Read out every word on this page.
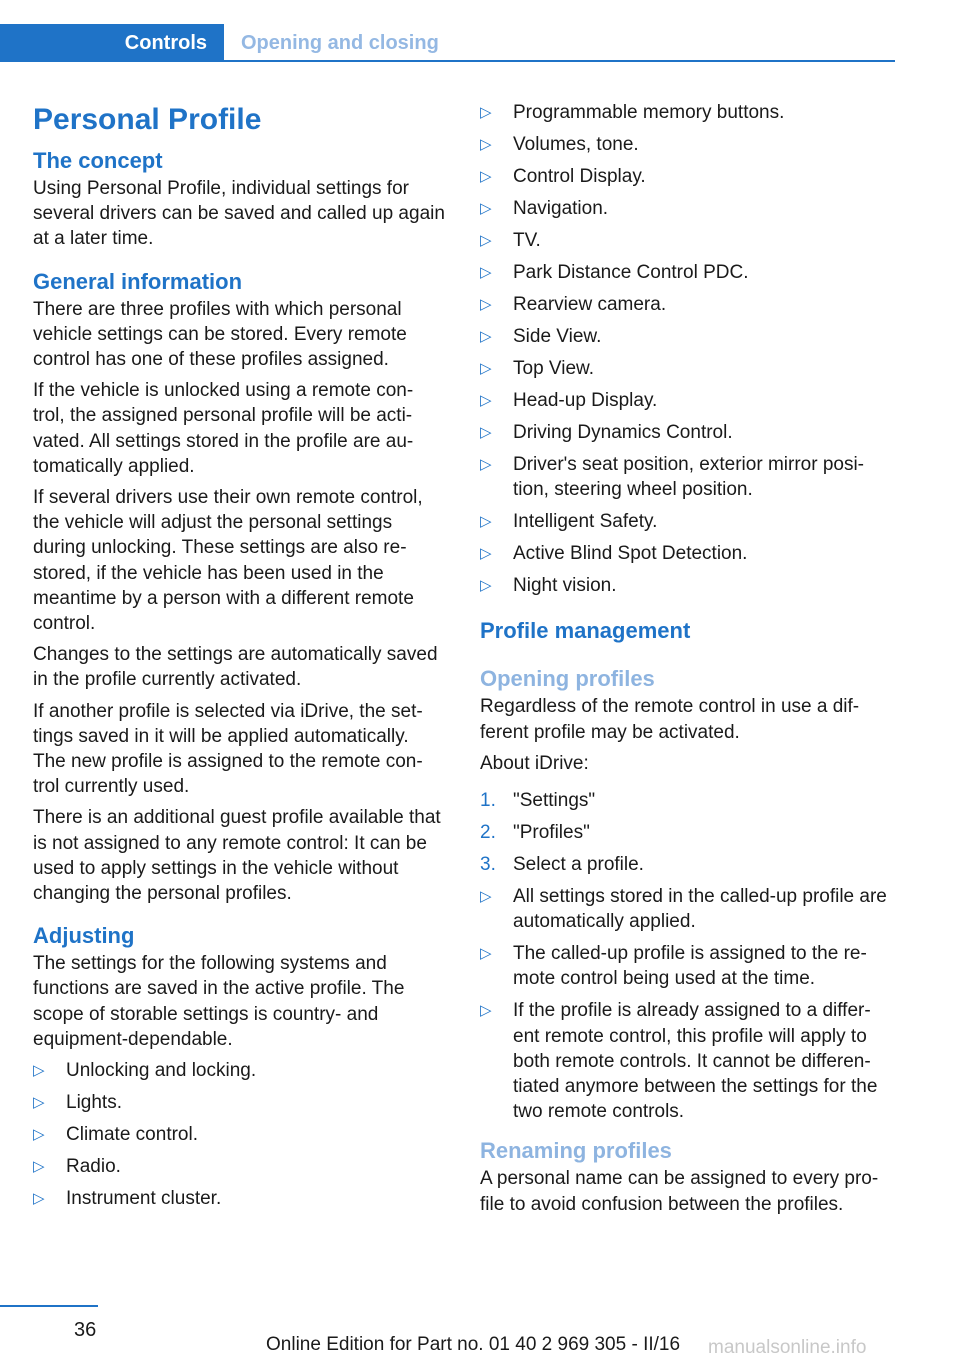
Controls	Opening and closing
Personal Profile
The concept

Using Personal Profile, individual settings for several drivers can be saved and called up again at a later time.

General information

There are three profiles with which personal vehicle settings can be stored. Every remote control has one of these profiles assigned.

If the vehicle is unlocked using a remote con‐ trol, the assigned personal profile will be acti‐ vated. All settings stored in the profile are au‐ tomatically applied.

If several drivers use their own remote control, the vehicle will adjust the personal settings during unlocking. These settings are also re‐ stored, if the vehicle has been used in the meantime by a person with a different remote control.

Changes to the settings are automatically saved in the profile currently activated.

If another profile is selected via iDrive, the set‐ tings saved in it will be applied automatically. The new profile is assigned to the remote con‐ trol currently used.

There is an additional guest profile available that is not assigned to any remote control: It can be used to apply settings in the vehicle without changing the personal profiles.

Adjusting

The settings for the following systems and functions are saved in the active profile. The scope of storable settings is country- and equipment-dependable.

▷ Unlocking and locking.
▷ Lights.
▷ Climate control.
▷ Radio.
▷ Instrument cluster.
▷ Programmable memory buttons.
▷ Volumes, tone.
▷ Control Display.
▷ Navigation.
▷ TV.
▷ Park Distance Control PDC.
▷ Rearview camera.
▷ Side View.
▷ Top View.
▷ Head-up Display.
▷ Driving Dynamics Control.
▷ Driver's seat position, exterior mirror posi‐ tion, steering wheel position.
▷ Intelligent Safety.
▷ Active Blind Spot Detection.
▷ Night vision.
Profile management
Opening profiles

Regardless of the remote control in use a dif‐ ferent profile may be activated.

About iDrive:

1. "Settings"
2. "Profiles"
3. Select a profile.
▷ All settings stored in the called-up profile are automatically applied.
▷ The called-up profile is assigned to the re‐ mote control being used at the time.
▷ If the profile is already assigned to a differ‐ ent remote control, this profile will apply to both remote controls. It cannot be differen‐ tiated anymore between the settings for the two remote controls.
Renaming profiles

A personal name can be assigned to every pro‐ file to avoid confusion between the profiles.

36
Online Edition for Part no. 01 40 2 969 305 - II/16 manualsonline.info
